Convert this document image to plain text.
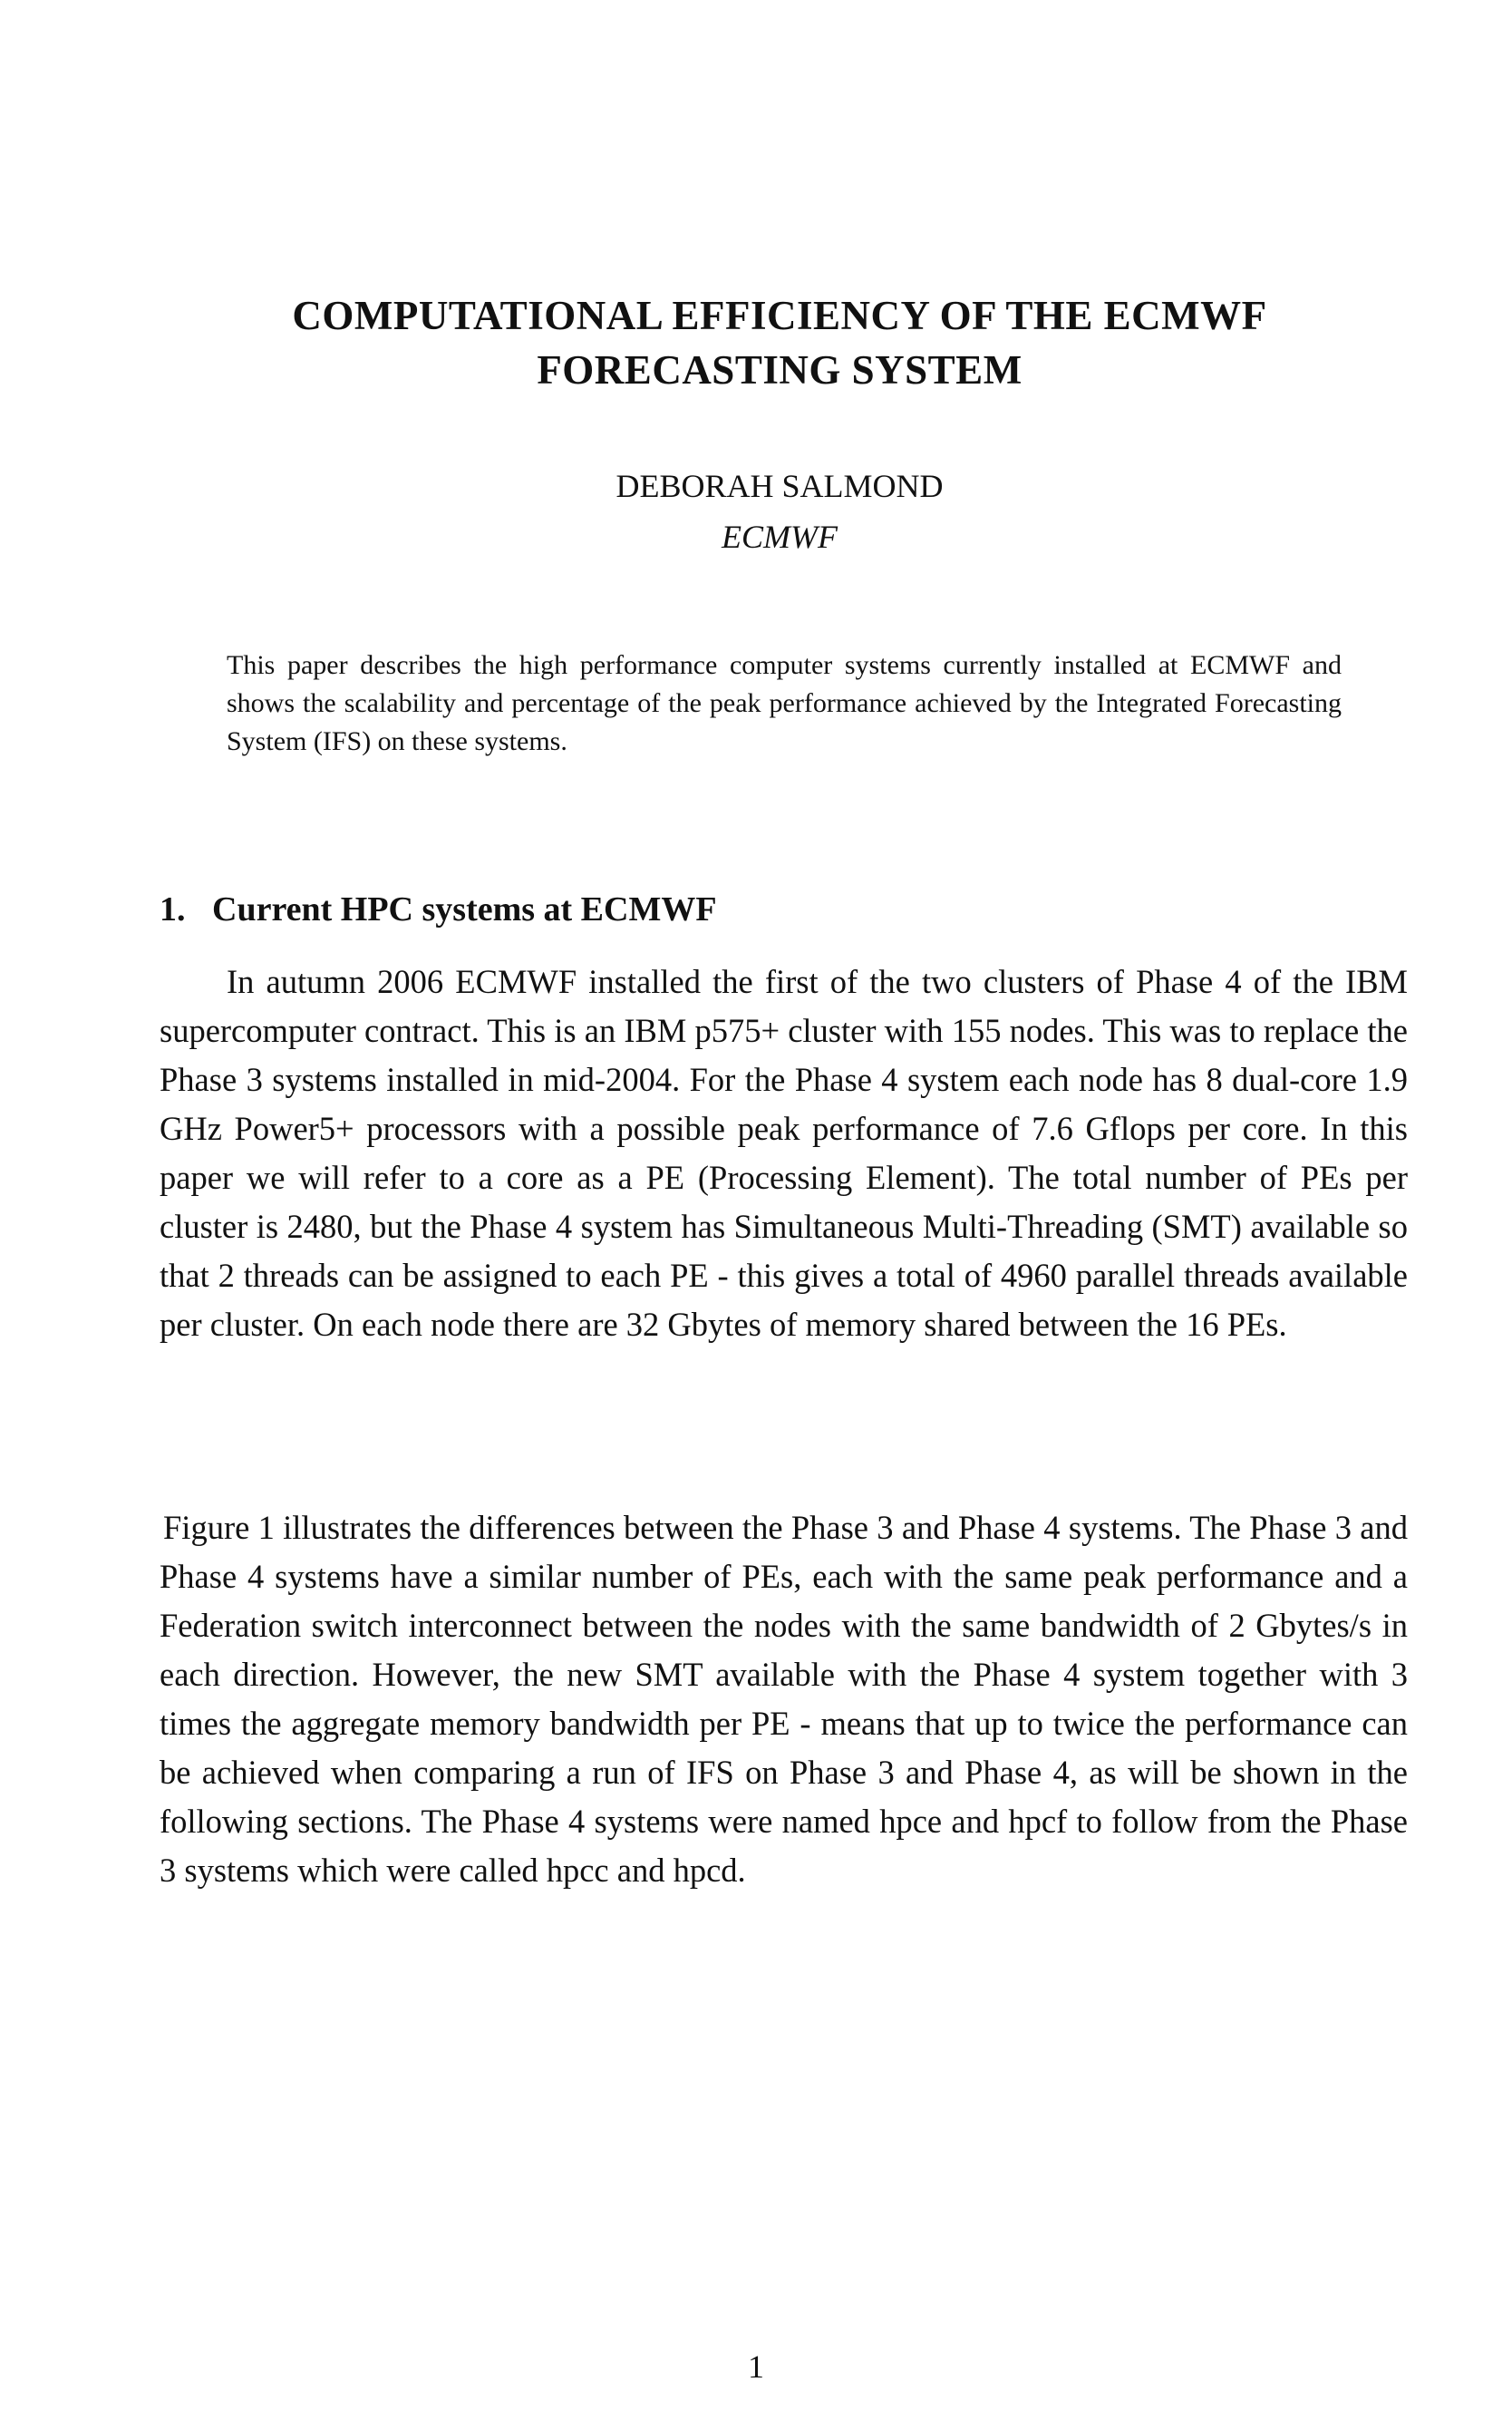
COMPUTATIONAL EFFICIENCY OF THE ECMWF
FORECASTING SYSTEM
DEBORAH SALMOND
ECMWF

This paper describes the high performance computer systems currently installed at ECMWF and shows the scalability and percentage of the peak performance achieved by the Integrated Forecasting System (IFS) on these systems.

1. Current HPC systems at ECMWF

In autumn 2006 ECMWF installed the first of the two clusters of Phase 4 of the IBM supercomputer contract. This is an IBM p575+ cluster with 155 nodes. This was to replace the Phase 3 systems installed in mid-2004. For the Phase 4 system each node has 8 dual-core 1.9 GHz Power5+ processors with a possible peak performance of 7.6 Gflops per core. In this paper we will refer to a core as a PE (Processing Element). The total number of PEs per cluster is 2480, but the Phase 4 system has Simultaneous Multi-Threading (SMT) available so that 2 threads can be assigned to each PE - this gives a total of 4960 parallel threads available per cluster. On each node there are 32 Gbytes of memory shared between the 16 PEs.

Figure 1 illustrates the differences between the Phase 3 and Phase 4 systems. The Phase 3 and Phase 4 systems have a similar number of PEs, each with the same peak performance and a Federation switch interconnect between the nodes with the same bandwidth of 2 Gbytes/s in each direction. However, the new SMT available with the Phase 4 system together with 3 times the aggregate memory bandwidth per PE - means that up to twice the performance can be achieved when comparing a run of IFS on Phase 3 and Phase 4, as will be shown in the following sections. The Phase 4 systems were named hpce and hpcf to follow from the Phase 3 systems which were called hpcc and hpcd.

1
